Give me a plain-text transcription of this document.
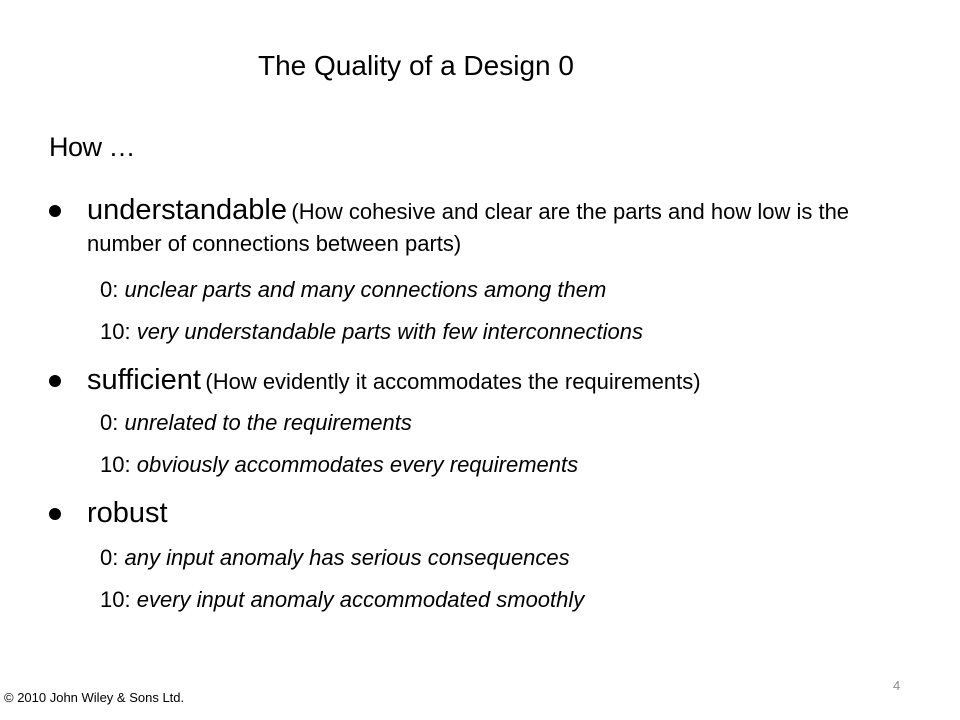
The Quality of a Design 0
How …
understandable (How cohesive and clear are the parts and how low is the number of connections between parts)
0: unclear parts and many connections among them
10: very understandable parts with few interconnections
sufficient (How evidently it accommodates the requirements)
0: unrelated to the requirements
10: obviously accommodates every requirements
robust
0: any input anomaly has serious consequences
10: every input anomaly accommodated smoothly
© 2010 John Wiley & Sons Ltd.
4
